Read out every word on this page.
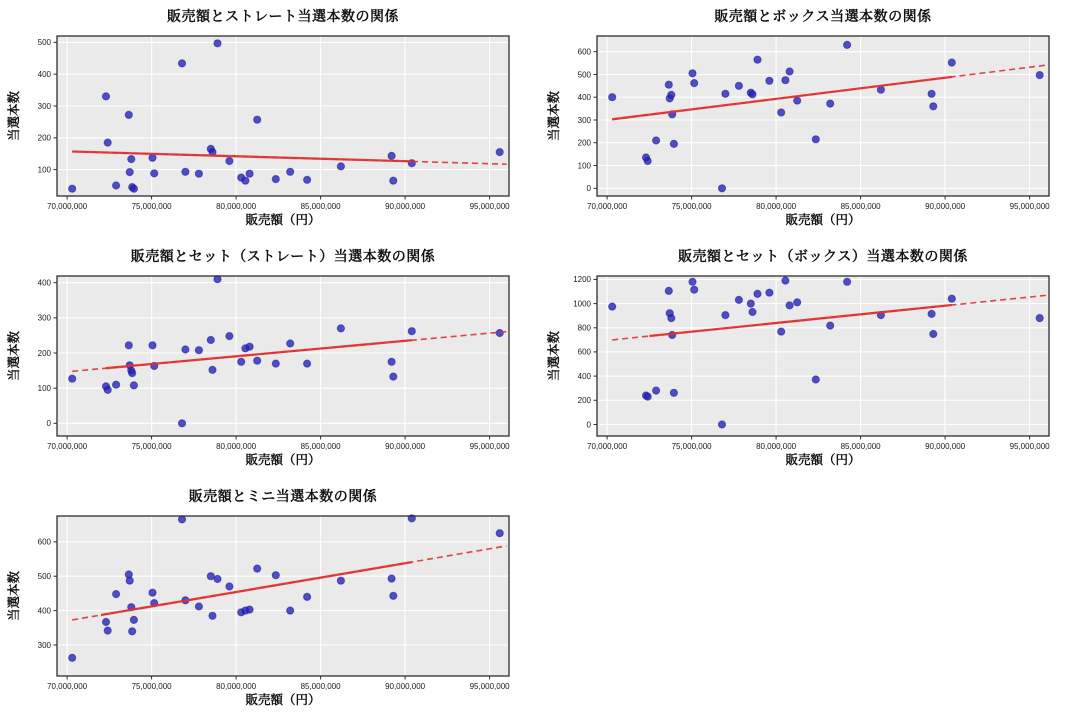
販売額とストレート当選本数の関係
当選本数
70,000,000	75,000,000	80,000,000	85,000,000	90,000,000	95,000,000
100
200
300
400
500
販売額（円）
販売額とボックス当選本数の関係
当選本数
70,000,000	75,000,000	80,000,000	85,000,000	90,000,000	95,000,000
0
100
200
300
400
500
600
販売額（円）
販売額とセット（ストレート）当選本数の関係
当選本数
70,000,000	75,000,000	80,000,000	85,000,000	90,000,000	95,000,000
0
100
200
300
400
販売額（円）
販売額とセット（ボックス）当選本数の関係
当選本数
70,000,000	75,000,000	80,000,000	85,000,000	90,000,000	95,000,000
0
200
400
600
800
1000
1200
販売額（円）
販売額とミニ当選本数の関係
当選本数
70,000,000	75,000,000	80,000,000	85,000,000	90,000,000	95,000,000
300
400
500
600
販売額（円）
